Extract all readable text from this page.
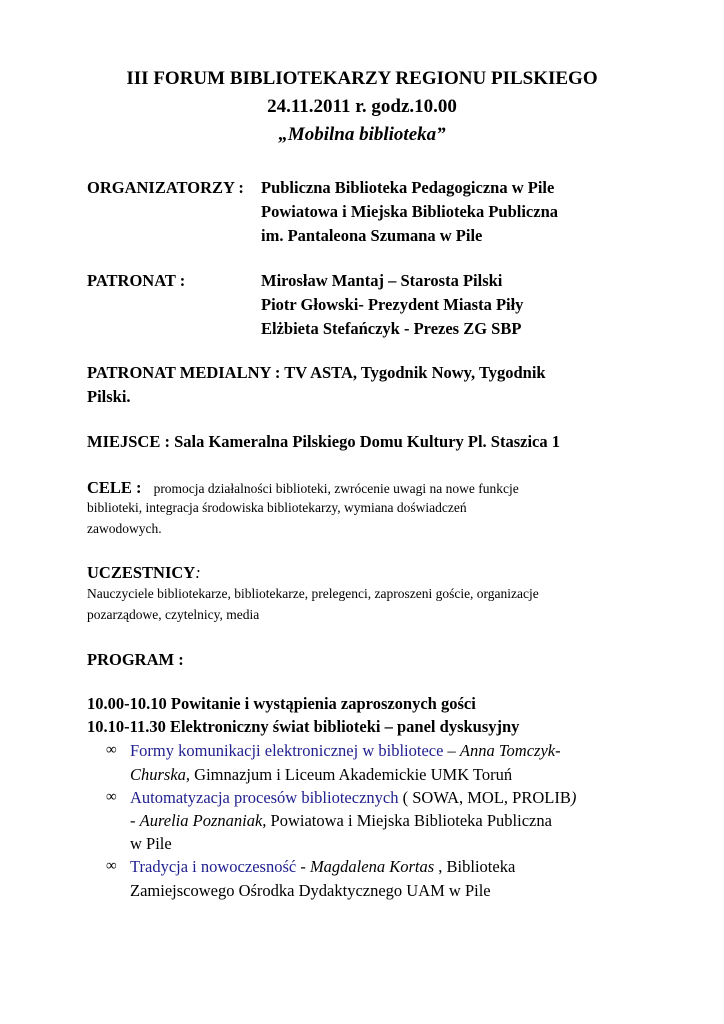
III FORUM BIBLIOTEKARZY REGIONU PILSKIEGO
24.11.2011 r. godz.10.00
„Mobilna biblioteka”
ORGANIZATORZY : Publiczna Biblioteka Pedagogiczna w Pile
Powiatowa i Miejska Biblioteka Publiczna
im. Pantaleona Szumana w Pile
PATRONAT :	Mirosław Mantaj – Starosta Pilski
Piotr Głowski- Prezydent Miasta Piły
Elżbieta Stefańczyk - Prezes ZG SBP
PATRONAT MEDIALNY : TV ASTA, Tygodnik Nowy, Tygodnik
Pilski.
MIEJSCE : Sala Kameralna Pilskiego Domu Kultury Pl. Staszica 1
CELE : promocja działalności biblioteki, zwrócenie uwagi na nowe funkcje
biblioteki, integracja środowiska bibliotekarzy, wymiana doświadczeń
zawodowych.
UCZESTNICY:
Nauczyciele bibliotekarze, bibliotekarze, prelegenci, zaproszeni goście, organizacje
pozarządowe, czytelnicy, media
PROGRAM :
10.00-10.10 Powitanie i wystąpienia zaproszonych gości
10.10-11.30 Elektroniczny świat biblioteki – panel dyskusyjny
∞ Formy komunikacji elektronicznej w bibliotece – Anna Tomczyk-
Churska, Gimnazjum i Liceum Akademickie UMK Toruń
∞ Automatyzacja procesów bibliotecznych ( SOWA, MOL, PROLIB)
- Aurelia Poznaniak, Powiatowa i Miejska Biblioteka Publiczna
w Pile
∞ Tradycja i nowoczesność - Magdalena Kortas , Biblioteka
Zamiejscowego Ośrodka Dydaktycznego UAM w Pile
